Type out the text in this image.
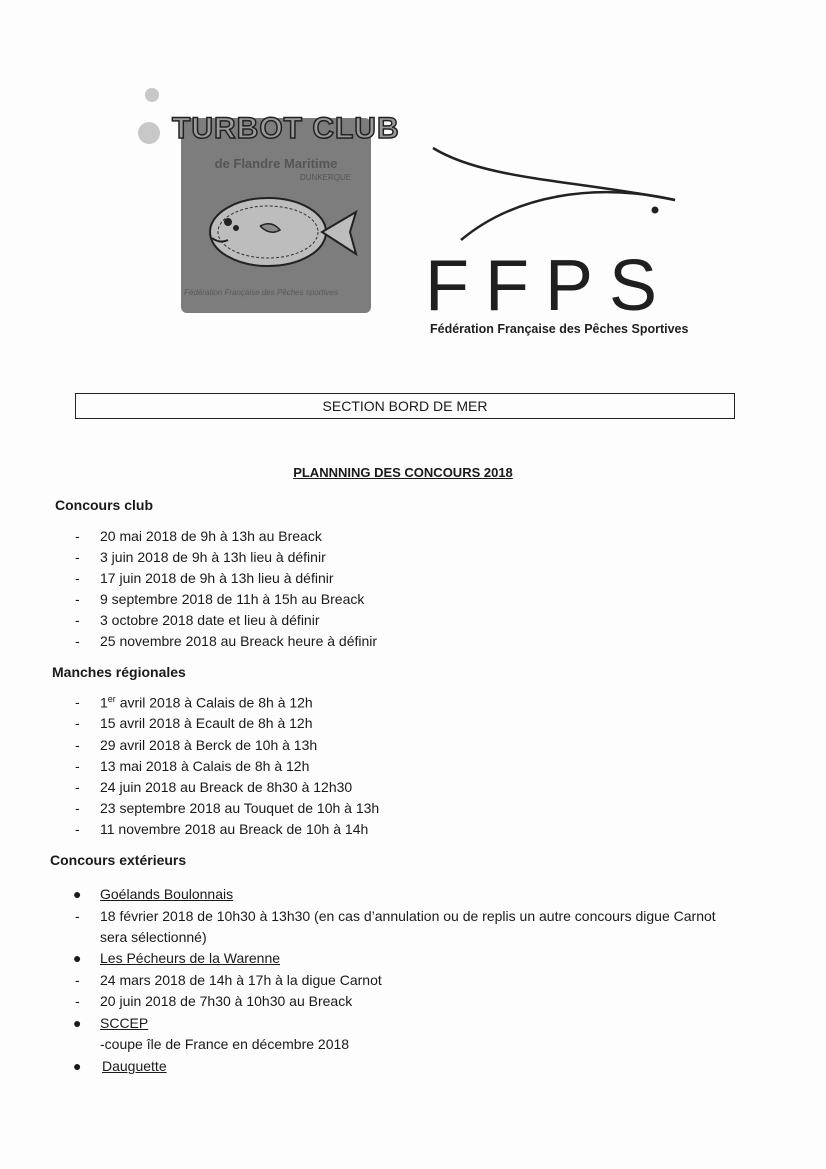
TURBOT CLUB
de Flandre Maritime
DUNKERQUE
Fédération Française des Pêches sportives	FFPS
Fédération Française des Pêches Sportives
SECTION BORD DE MER
PLANNNING DES CONCOURS 2018
Concours club
- 20 mai 2018 de 9h à 13h au Breack
- 3 juin 2018 de 9h à 13h lieu à définir
- 17 juin 2018 de 9h à 13h lieu à définir
- 9 septembre 2018 de 11h à 15h au Breack
- 3 octobre 2018 date et lieu à définir
- 25 novembre 2018 au Breack heure à définir
Manches régionales
- 1er avril 2018 à Calais de 8h à 12h
- 15 avril 2018 à Ecault de 8h à 12h
- 29 avril 2018 à Berck de 10h à 13h
- 13 mai 2018 à Calais de 8h à 12h
- 24 juin 2018 au Breack de 8h30 à 12h30
- 23 septembre 2018 au Touquet de 10h à 13h
- 11 novembre 2018 au Breack de 10h à 14h
Concours extérieurs
● Goélands Boulonnais
- 18 février 2018 de 10h30 à 13h30 (en cas d’annulation ou de replis un autre concours digue Carnot
sera sélectionné)
● Les Pécheurs de la Warenne
- 24 mars 2018 de 14h à 17h à la digue Carnot
- 20 juin 2018 de 7h30 à 10h30 au Breack
● SCCEP
-coupe île de France en décembre 2018
● Dauguette
